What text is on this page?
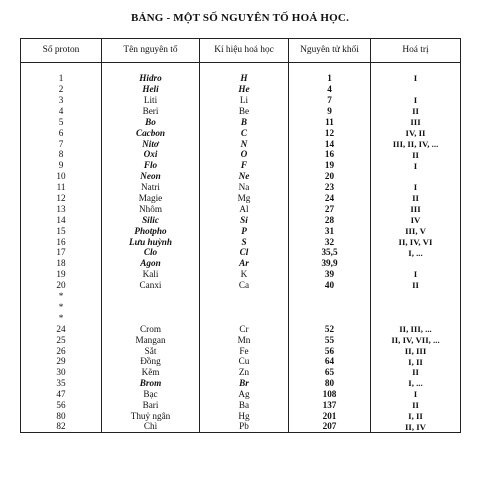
BẢNG - MỘT SỐ NGUYÊN TỐ HOÁ HỌC.
Số proton	Tên nguyên tố	Kí hiệu hoá học	Nguyên tử khối	Hoá trị

1	Hidro	H	1	I
2	Heli	He	4	
3	Liti	Li	7	I
4	Beri	Be	9	II
5	Bo	B	11	III
6	Cacbon	C	12	IV, II
7	Nitơ	N	14	III, II, IV, ...
8	Oxi	O	16	II
9	Flo	F	19	I
10	Neon	Ne	20	
11	Natri	Na	23	I
12	Magie	Mg	24	II
13	Nhôm	Al	27	III
14	Silic	Si	28	IV
15	Photpho	P	31	III, V
16	Lưu huỳnh	S	32	II, IV, VI
17	Clo	Cl	35,5	I, ...
18	Agon	Ar	39,9	
19	Kali	K	39	I
20	Canxi	Ca	40	II
*				
*				
*				
24	Crom	Cr	52	II, III, ...
25	Mangan	Mn	55	II, IV, VII, ...
26	Sắt	Fe	56	II, III
29	Đồng	Cu	64	I, II
30	Kẽm	Zn	65	II
35	Brom	Br	80	I, ...
47	Bạc	Ag	108	I
56	Bari	Ba	137	II
80	Thuỷ ngân	Hg	201	I, II
82	Chì	Pb	207	II, IV
